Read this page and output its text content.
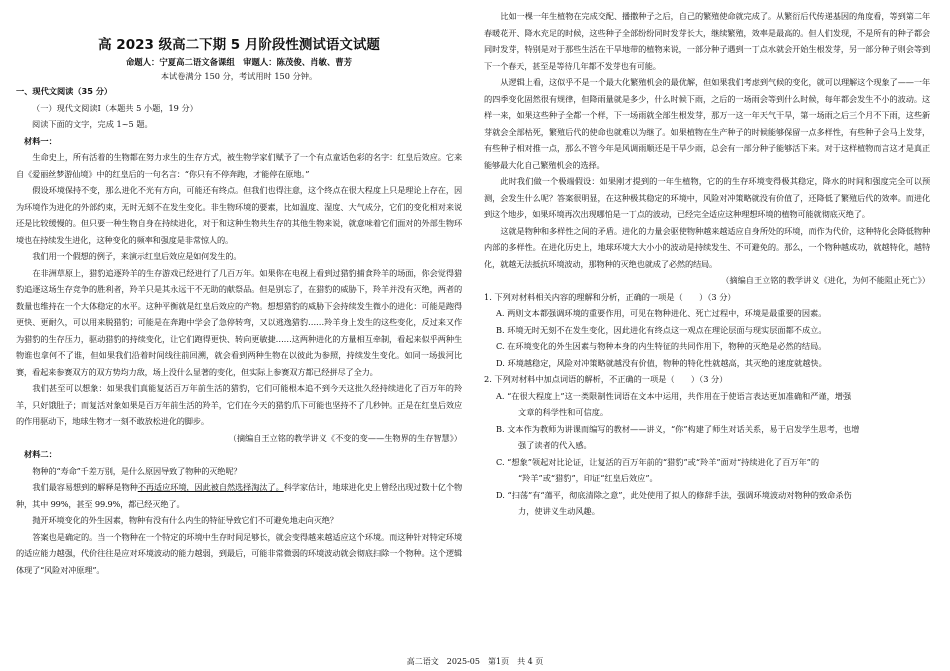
高 2023 级高二下期 5 月阶段性测试语文试题
命题人：宁夏高二语文备课组　审题人：陈茂俊、肖敏、曹芳
本试卷满分 150 分，考试用时 150 分钟。
一、现代文阅读（35 分）
（一）现代文阅读Ⅰ（本题共 5 小题，19 分）
阅读下面的文字，完成 1~5 题。
材料一：
生命史上，所有活着的生物都在努力求生的生存方式，被生物学家们赋予了一个有点童话色彩的名字：红皇后效应。它来自《爱丽丝梦游仙境》中的红皇后的一句名言：“你只有不停奔跑，才能停在原地。”
假设环境保持不变，那么进化不光有方向，可能还有终点。但我们也得注意，这个终点在很大程度上只是理论上存在，因为环境作为进化的外部约束，无时无刻不在发生变化。非生物环境的要素，比如温度、湿度、大气成分，它们的变化相对来说还是比较缓慢的。但只要一种生物自身在持续进化，对于和这种生物共生存的其他生物来说，就意味着它们面对的外部生物环境也在持续发生进化，这种变化的频率和强度是非常惊人的。
我们用一个假想的例子，来演示红皇后效应是如何发生的。
在非洲草原上，猎豹追逐羚羊的生存游戏已经进行了几百万年。如果你在电视上看到过猎豹捕食羚羊的场面，你会觉得猎豹追逐这场生存竞争的胜利者，羚羊只是其永远干不无助的献祭品。但是别忘了，在猎豹的威胁下，羚羊并没有灭绝，两者的数量也维持在一个大体稳定的水平。这种平衡就是红皇后效应的产物。想想猎豹的威胁下会持续发生微小的进化：可能是跑得更快、更耐久，可以用来脱猎豹；可能是在奔跑中学会了急停转弯，又以逃逸猎豹……羚羊身上发生的这些变化，反过来又作为猎豹的生存压力，驱动猎豹的持续变化，让它们跑得更快、转向更敏捷……这两种进化的方量相互牵制，看起来似乎两种生物谁也拿何不了谁，但如果我们沿着时间线往前回溯，就会看到两种生物在以彼此为参照，持续发生变化。如同一场拔河比赛，看起来参赛双方的双方势均力敌，场上没什么显著的变化，但实际上参赛双方都已经拼尽了全力。
我们甚至可以想象：如果我们真能复活百万年前生活的猎豹，它们可能根本追不到今天这批久经持续进化了百万年的羚羊，只好饿肚子；而复活对象如果是百万年前生活的羚羊，它们在今天的猎豹爪下可能也坚持不了几秒钟。正是在红皇后效应的作用驱动下，地球生物才一刻不敢放松进化的脚步。
（摘编自王立铭的教学讲义《不变的变——生物界的生存智慧》）
材料二：
物种的“寿命”千差万别，是什么原因导致了物种的灭绝呢？
我们最容易想到的解释是物种不再适应环境，因此被自然选择淘汰了。科学家估计，地球进化史上曾经出现过数十亿个物种，其中 99%，甚至 99.9%，都已经灭绝了。
抛开环境变化的外生因素，物种有没有什么内生的特征导致它们不可避免地走向灭绝？
答案也是确定的。当一个物种在一个特定的环境中生存时间足够长，就会变得越来越适应这个环境。而这种针对特定环境的适应能力越强，代价往往是应对环境波动的能力越弱，到最后，可能非常微弱的环境波动就会彻底扫除一个物种。这个逻辑体现了“风险对冲原理”。
比如一棵一年生植物在完成交配、播撒种子之后，自己的繁殖使命就完成了。从繁衍后代传递基因的角度看，等到第二年春暖花开、降水充足的时候，这些种子全部纷纷同时发芽长大，继续繁殖，效率是最高的。但人们发现，不是所有的种子都会同时发芽，特别是对于那些生活在干旱地带的植物来说，一部分种子遇到一丁点水就会开始生根发芽，另一部分种子则会等到下一个春天，甚至是等待几年都不发芽也有可能。
从逻辑上看，这似乎不是一个最大化繁殖机会的最优解，但如果我们考虑到气候的变化，就可以理解这个现象了——一年的四季变化固然很有规律，但降雨量就是多少，什么时候下雨，之后的一场雨会等到什么时候，每年都会发生不小的波动。这样一来，如果这些种子全都一个样，下一场雨就全部生根发芽，那万一这一年天气干旱，第一场雨之后三个月不下雨，这些新芽就会全部枯死，繁殖后代的使命也就难以为继了。如果植物在生产种子的时候能够保留一点多样性，有些种子会马上发芽，有些种子相对推一点，那么不管今年是风调雨顺还是干旱少雨，总会有一部分种子能够活下来。对于这样植物而言这才是真正能够最大化自己繁殖机会的选择。
此时我们做一个极端假设：如果刚才提到的一年生植物，它的的生存环境变得极其稳定，降水的时间和强度完全可以预测，会发生什么呢？答案很明显，在这种极其稳定的环境中，风险对冲策略就没有价值了，还降低了繁殖后代的效率。而进化到这个地步，如果环境再次出现哪怕是一丁点的波动，已经完全适应这种理想环境的植物可能就彻底灭绝了。
这就是物种和多样性之间的矛盾。进化的力量会驱使物种越来越适应自身所处的环境，而作为代价，这种特化会降低物种内部的多样性。在进化历史上，地球环境大大小小的波动是持续发生、不可避免的。那么，一个物种越成功，就越特化，越特化，就越无法抵抗环境波动，那物种的灭绝也就成了必然的结局。
（摘编自王立铭的教学讲义《进化，为何不能阻止死亡》）
1. 下列对材料相关内容的理解和分析，正确的一项是（　　）（3 分）
A. 两则文本都强调环境的重要作用，可见在物种进化、死亡过程中，环境是最重要的因素。
B. 环境无时无刻不在发生变化，因此进化有终点这一观点在理论层面与现实层面都不成立。
C. 在环境变化的外生因素与物种本身的内生特征的共同作用下，物种的灭绝是必然的结局。
D. 环境越稳定，风险对冲策略就越没有价值，物种的特化性就越高，其灭绝的速度就越快。
2. 下列对材料中加点词语的解析，不正确的一项是（　　）（3 分）
A. “在很大程度上”这一类限制性词语在文本中运用，共作用在于使语言表达更加准确和严谨，增强
文章的科学性和可信度。
B. 文本作为教师为讲课而编写的教材——讲义，“你”构建了师生对话关系，易于启发学生思考，也增
强了读者的代入感。
C. “想象”领起对比论证，让复活的百万年前的“猎豹”或“羚羊”面对“持续进化了百万年”的
“羚羊”或“猎豹”，印证“红皇后效应”。
D. “扫荡”有“蕩平，彻底清除之意”，此处使用了拟人的修辞手法，强调环境波动对物种的致命杀伤
力，使讲义生动风趣。
高二语文　2025-05　第1页　共 4 页
